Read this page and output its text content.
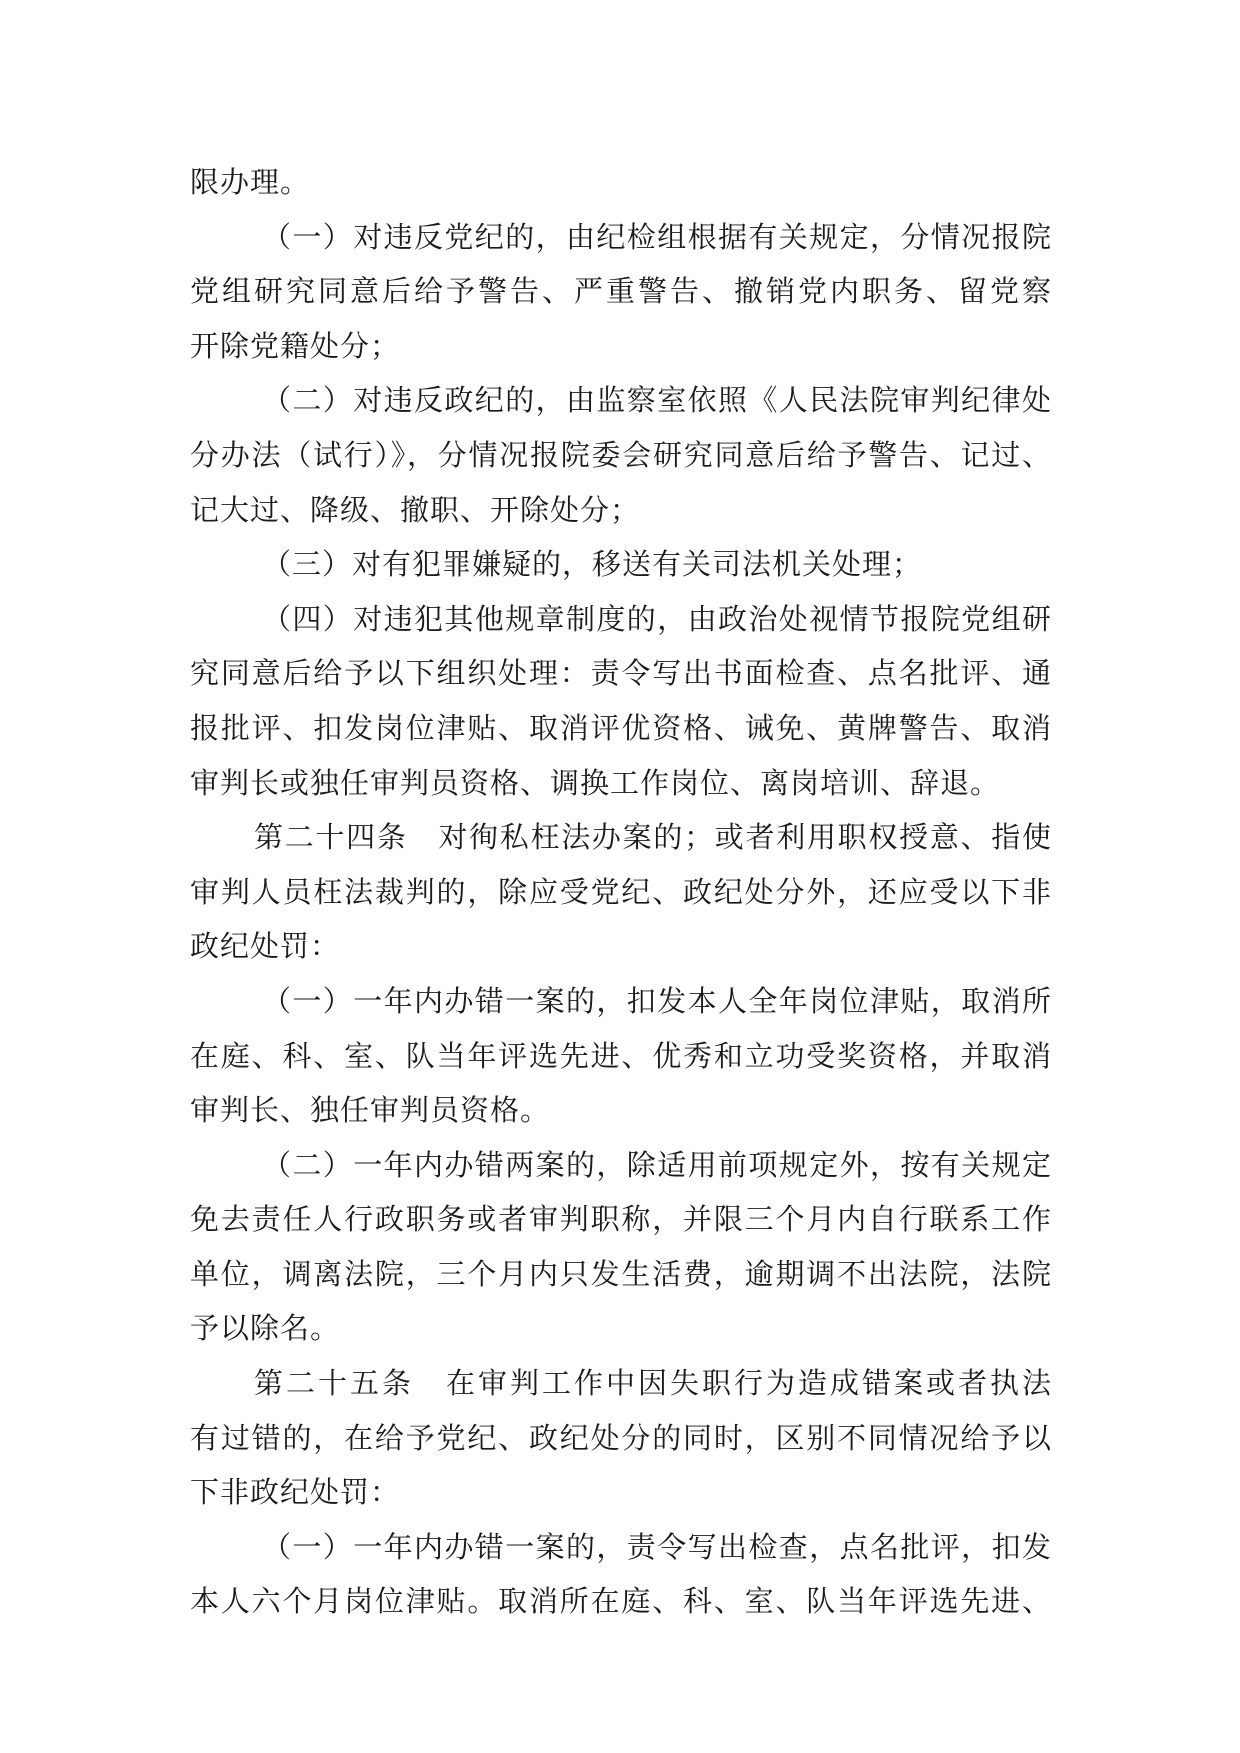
限办理。
（一）对违反党纪的，由纪检组根据有关规定，分情况报院
党组研究同意后给予警告、严重警告、撤销党内职务、留党察
开除党籍处分；
（二）对违反政纪的，由监察室依照《人民法院审判纪律处
分办法（试行）》，分情况报院委会研究同意后给予警告、记过、
记大过、降级、撤职、开除处分；
（三）对有犯罪嫌疑的，移送有关司法机关处理；
（四）对违犯其他规章制度的，由政治处视情节报院党组研
究同意后给予以下组织处理：责令写出书面检查、点名批评、通
报批评、扣发岗位津贴、取消评优资格、诫免、黄牌警告、取消
审判长或独任审判员资格、调换工作岗位、离岗培训、辞退。
第二十四条　对徇私枉法办案的；或者利用职权授意、指使
审判人员枉法裁判的，除应受党纪、政纪处分外，还应受以下非
政纪处罚：
（一）一年内办错一案的，扣发本人全年岗位津贴，取消所
在庭、科、室、队当年评选先进、优秀和立功受奖资格，并取消
审判长、独任审判员资格。
（二）一年内办错两案的，除适用前项规定外，按有关规定
免去责任人行政职务或者审判职称，并限三个月内自行联系工作
单位，调离法院，三个月内只发生活费，逾期调不出法院，法院
予以除名。
第二十五条　在审判工作中因失职行为造成错案或者执法
有过错的，在给予党纪、政纪处分的同时，区别不同情况给予以
下非政纪处罚：
（一）一年内办错一案的，责令写出检查，点名批评，扣发
本人六个月岗位津贴。取消所在庭、科、室、队当年评选先进、
